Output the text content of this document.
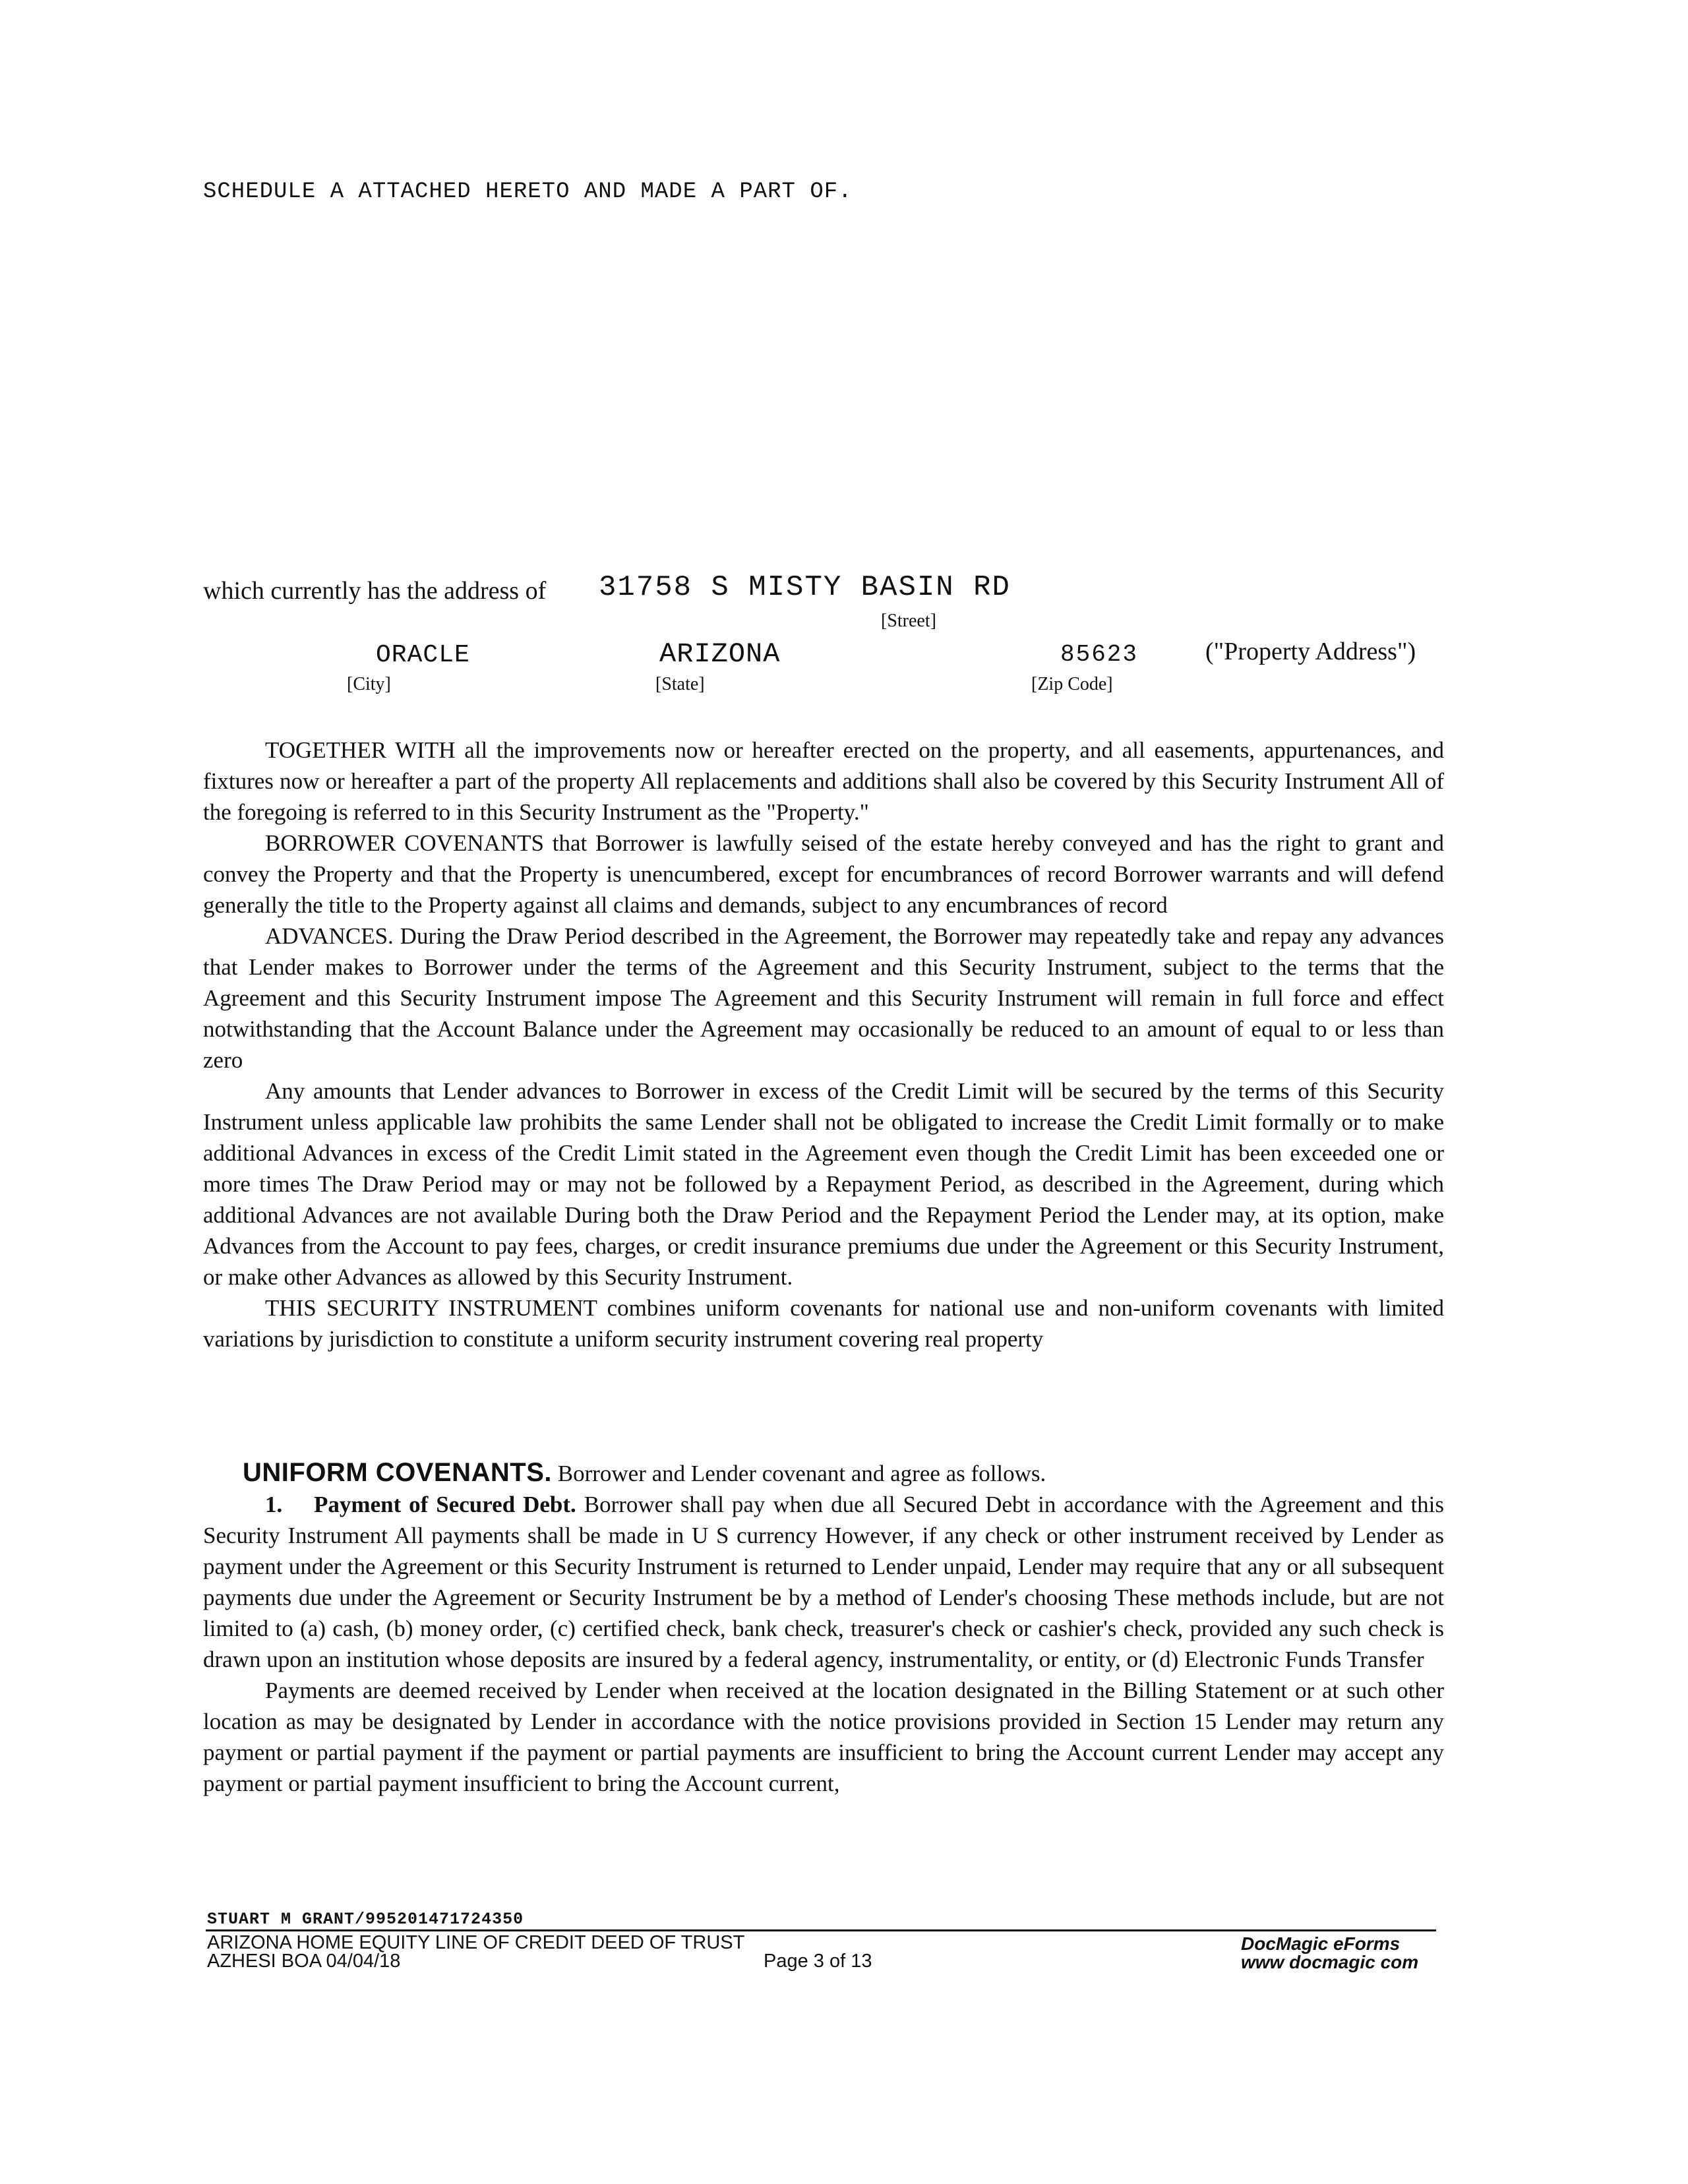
SCHEDULE A ATTACHED HERETO AND MADE A PART OF.
which currently has the address of 31758 S MISTY BASIN RD
[Street]
ORACLE	ARIZONA	85623	("Property Address")
[City]	[State]	[Zip Code]

TOGETHER WITH all the improvements now or hereafter erected on the property, and all easements, appurtenances, and fixtures now or hereafter a part of the property All replacements and additions shall also be covered by this Security Instrument All of the foregoing is referred to in this Security Instrument as the "Property."

BORROWER COVENANTS that Borrower is lawfully seised of the estate hereby conveyed and has the right to grant and convey the Property and that the Property is unencumbered, except for encumbrances of record Borrower warrants and will defend generally the title to the Property against all claims and demands, subject to any encumbrances of record

ADVANCES. During the Draw Period described in the Agreement, the Borrower may repeatedly take and repay any advances that Lender makes to Borrower under the terms of the Agreement and this Security Instrument, subject to the terms that the Agreement and this Security Instrument impose The Agreement and this Security Instrument will remain in full force and effect notwithstanding that the Account Balance under the Agreement may occasionally be reduced to an amount of equal to or less than zero

Any amounts that Lender advances to Borrower in excess of the Credit Limit will be secured by the terms of this Security Instrument unless applicable law prohibits the same Lender shall not be obligated to increase the Credit Limit formally or to make additional Advances in excess of the Credit Limit stated in the Agreement even though the Credit Limit has been exceeded one or more times The Draw Period may or may not be followed by a Repayment Period, as described in the Agreement, during which additional Advances are not available During both the Draw Period and the Repayment Period the Lender may, at its option, make Advances from the Account to pay fees, charges, or credit insurance premiums due under the Agreement or this Security Instrument, or make other Advances as allowed by this Security Instrument.

THIS SECURITY INSTRUMENT combines uniform covenants for national use and non-uniform covenants with limited variations by jurisdiction to constitute a uniform security instrument covering real property

UNIFORM COVENANTS. Borrower and Lender covenant and agree as follows.

1. Payment of Secured Debt. Borrower shall pay when due all Secured Debt in accordance with the Agreement and this Security Instrument All payments shall be made in U S currency However, if any check or other instrument received by Lender as payment under the Agreement or this Security Instrument is returned to Lender unpaid, Lender may require that any or all subsequent payments due under the Agreement or Security Instrument be by a method of Lender's choosing These methods include, but are not limited to (a) cash, (b) money order, (c) certified check, bank check, treasurer's check or cashier's check, provided any such check is drawn upon an institution whose deposits are insured by a federal agency, instrumentality, or entity, or (d) Electronic Funds Transfer

Payments are deemed received by Lender when received at the location designated in the Billing Statement or at such other location as may be designated by Lender in accordance with the notice provisions provided in Section 15 Lender may return any payment or partial payment if the payment or partial payments are insufficient to bring the Account current Lender may accept any payment or partial payment insufficient to bring the Account current,

STUART M GRANT/995201471724350
ARIZONA HOME EQUITY LINE OF CREDIT DEED OF TRUST
AZHESI BOA 04/04/18	Page 3 of 13
DocMagic eForms
www docmagic com
